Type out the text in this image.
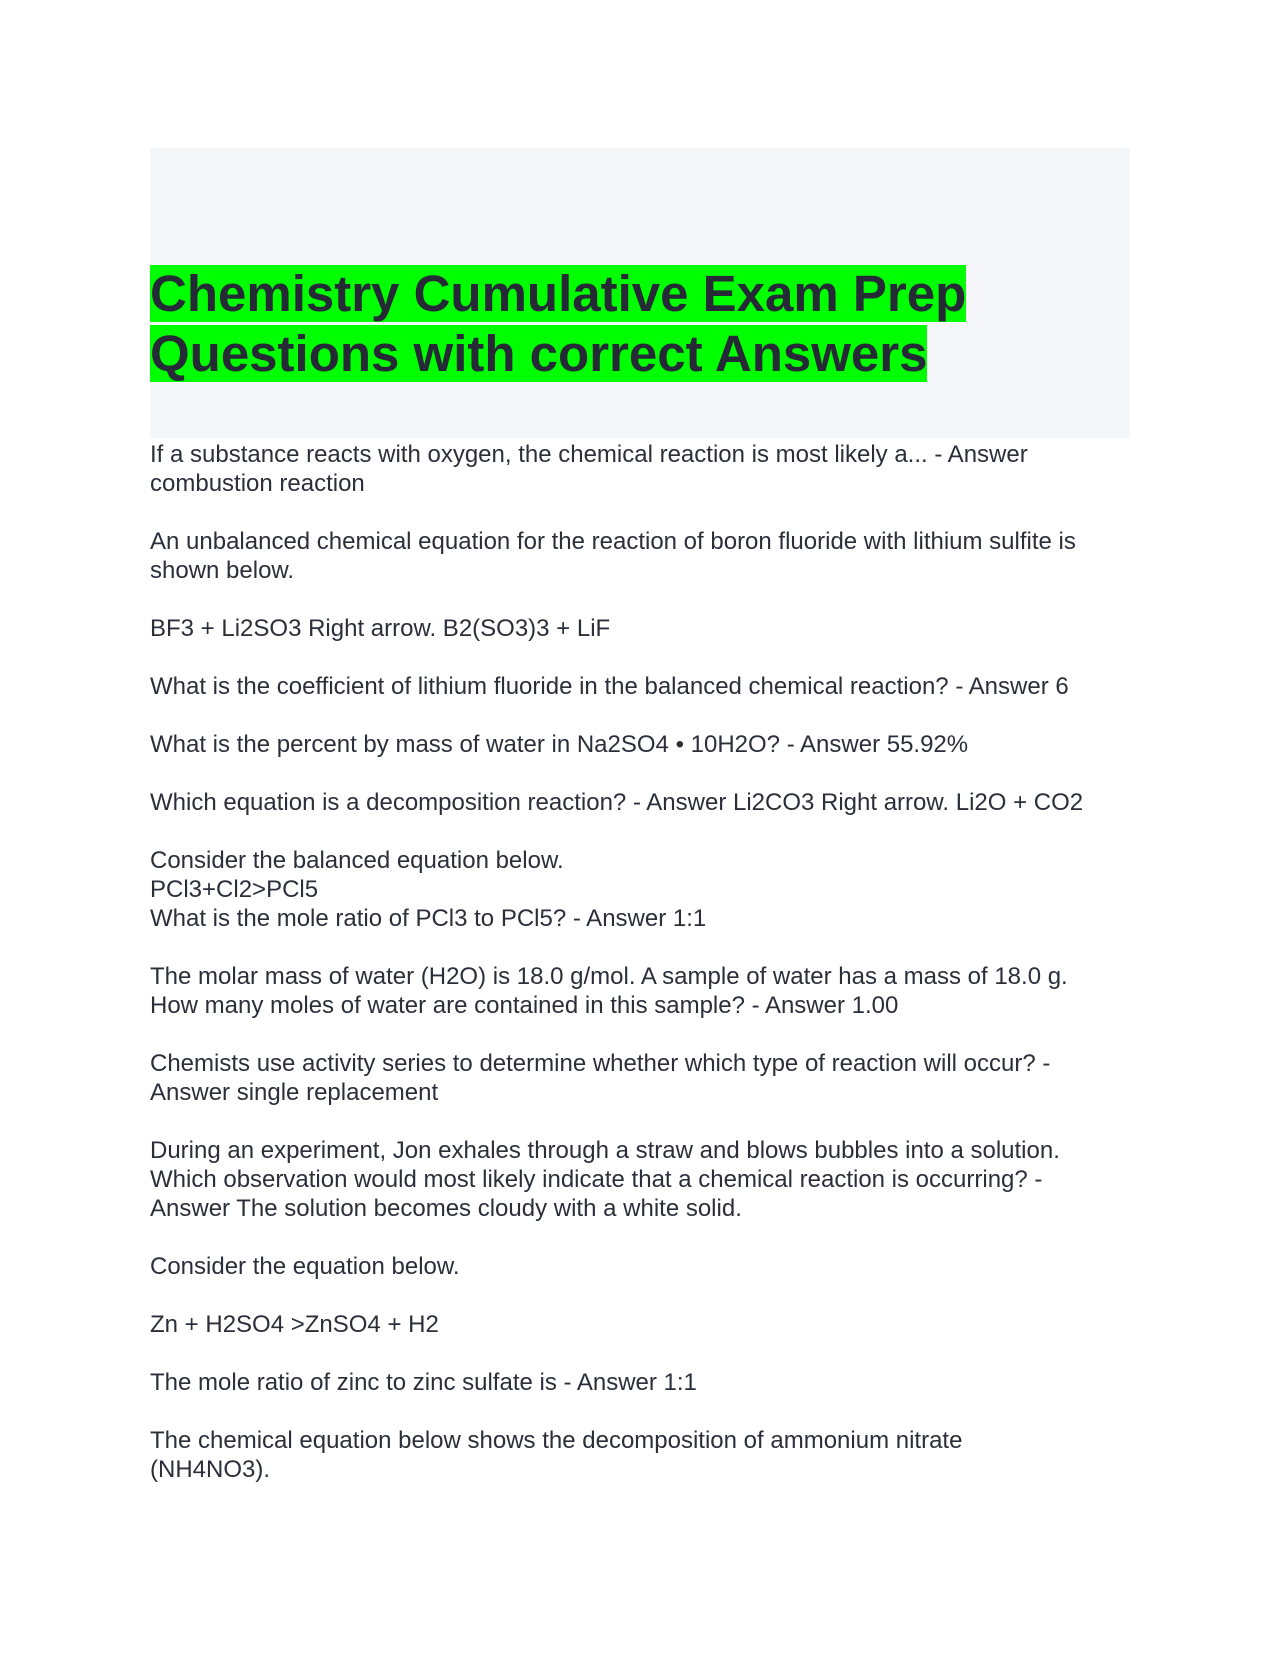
Chemistry Cumulative Exam Prep
Questions with correct Answers

If a substance reacts with oxygen, the chemical reaction is most likely a... - Answer
combustion reaction

An unbalanced chemical equation for the reaction of boron fluoride with lithium sulfite is
shown below.

BF3 + Li2SO3 Right arrow. B2(SO3)3 + LiF

What is the coefficient of lithium fluoride in the balanced chemical reaction? - Answer 6

What is the percent by mass of water in Na2SO4 • 10H2O? - Answer 55.92%

Which equation is a decomposition reaction? - Answer Li2CO3 Right arrow. Li2O + CO2

Consider the balanced equation below.
PCl3+Cl2>PCl5
What is the mole ratio of PCl3 to PCl5? - Answer 1:1

The molar mass of water (H2O) is 18.0 g/mol. A sample of water has a mass of 18.0 g.
How many moles of water are contained in this sample? - Answer 1.00

Chemists use activity series to determine whether which type of reaction will occur? -
Answer single replacement

During an experiment, Jon exhales through a straw and blows bubbles into a solution.
Which observation would most likely indicate that a chemical reaction is occurring? -
Answer The solution becomes cloudy with a white solid.

Consider the equation below.

Zn + H2SO4 >ZnSO4 + H2

The mole ratio of zinc to zinc sulfate is - Answer 1:1

The chemical equation below shows the decomposition of ammonium nitrate
(NH4NO3).
